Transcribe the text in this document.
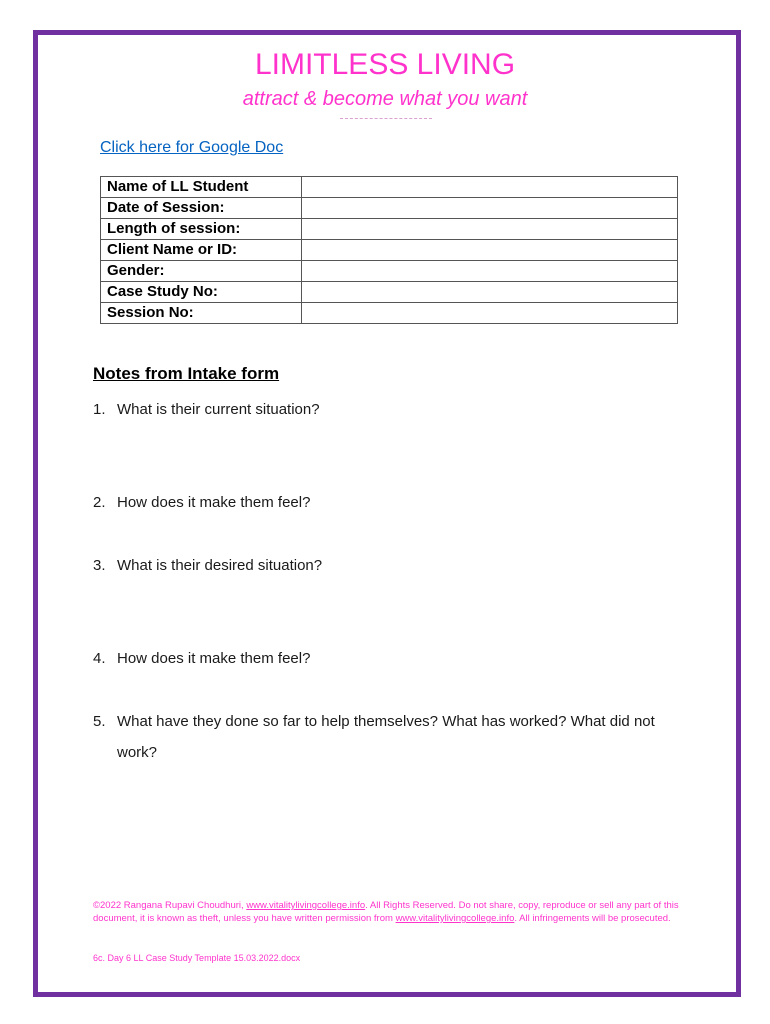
LIMITLESS LIVING
attract & become what you want
Click here for Google Doc
Name of LL Student	
Date of Session:	
Length of session:	
Client Name or ID:	
Gender:	
Case Study No:	
Session No:	
Notes from Intake form
1. What is their current situation?
2. How does it make them feel?
3. What is their desired situation?
4. How does it make them feel?
5. What have they done so far to help themselves? What has worked? What did not work?
©2022 Rangana Rupavi Choudhuri, www.vitalitylivingcollege.info. All Rights Reserved. Do not share, copy, reproduce or sell any part of this document, it is known as theft, unless you have written permission from www.vitalitylivingcollege.info. All infringements will be prosecuted.
6c. Day 6 LL Case Study Template 15.03.2022.docx
